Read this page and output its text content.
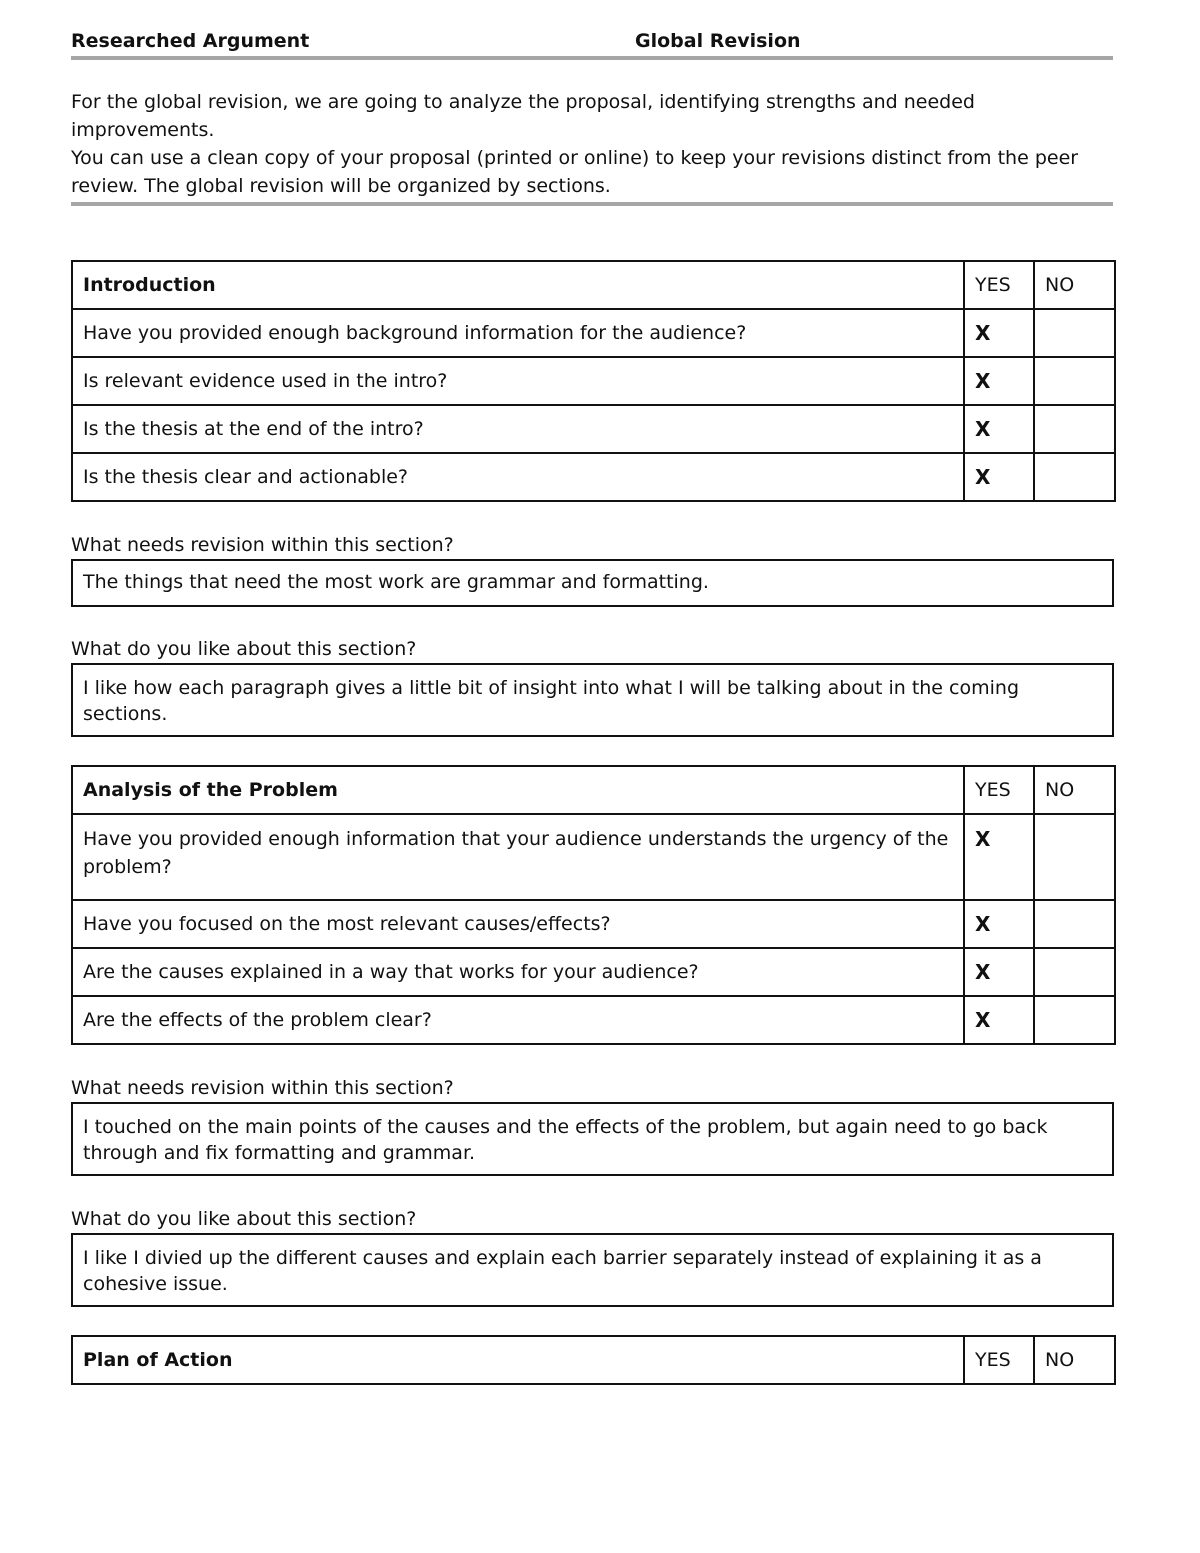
Researched Argument	Global Revision

For the global revision, we are going to analyze the proposal, identifying strengths and needed improvements.

You can use a clean copy of your proposal (printed or online) to keep your revisions distinct from the peer review. The global revision will be organized by sections.

Introduction	YES	NO
Have you provided enough background information for the audience?	X	
Is relevant evidence used in the intro?	X	
Is the thesis at the end of the intro?	X	
Is the thesis clear and actionable?	X	
What needs revision within this section?
The things that need the most work are grammar and formatting.
What do you like about this section?
I like how each paragraph gives a little bit of insight into what I will be talking about in the coming sections.
Analysis of the Problem	YES	NO
Have you provided enough information that your audience understands the urgency of the problem?	X	
Have you focused on the most relevant causes/effects?	X	
Are the causes explained in a way that works for your audience?	X	
Are the effects of the problem clear?	X	
What needs revision within this section?
I touched on the main points of the causes and the effects of the problem, but again need to go back through and fix formatting and grammar.
What do you like about this section?
I like I divied up the different causes and explain each barrier separately instead of explaining it as a cohesive issue.
Plan of Action	YES	NO
